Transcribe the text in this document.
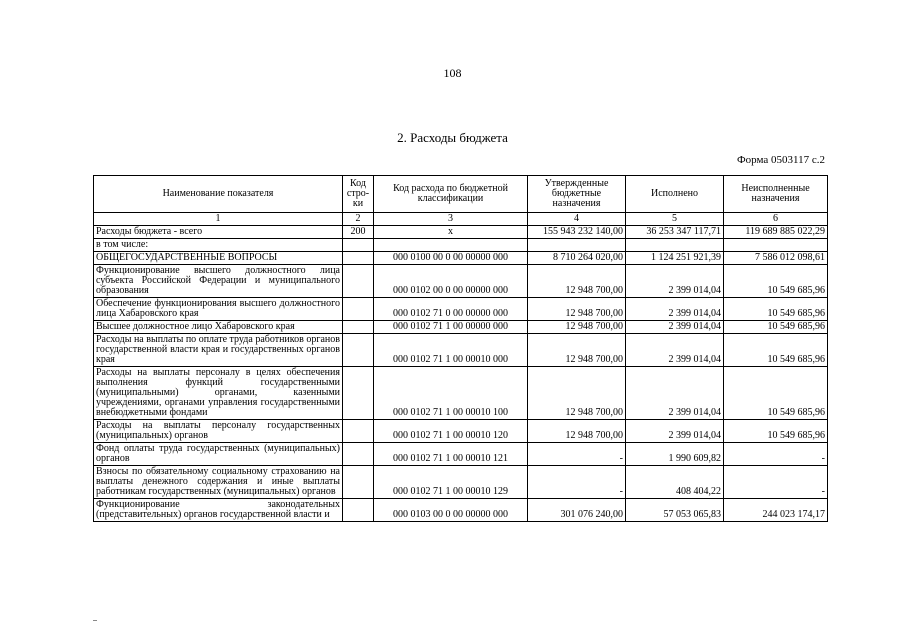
108
2. Расходы бюджета
Форма 0503117 с.2
Наименование показателя	Код стро-ки	Код расхода по бюджетной классификации	Утвержденные бюджетные назначения	Исполнено	Неисполненные назначения
1	2	3	4	5	6
Расходы бюджета - всего	200	x	155 943 232 140,00	36 253 347 117,71	119 689 885 022,29
в том числе:					
ОБЩЕГОСУДАРСТВЕННЫЕ ВОПРОСЫ		000 0100 00 0 00 00000 000	8 710 264 020,00	1 124 251 921,39	7 586 012 098,61
Функционирование высшего должностного лица субъекта Российской Федерации и муниципального образования		000 0102 00 0 00 00000 000	12 948 700,00	2 399 014,04	10 549 685,96
Обеспечение функционирования высшего должностного лица Хабаровского края		000 0102 71 0 00 00000 000	12 948 700,00	2 399 014,04	10 549 685,96
Высшее должностное лицо Хабаровского края		000 0102 71 1 00 00000 000	12 948 700,00	2 399 014,04	10 549 685,96
Расходы на выплаты по оплате труда работников органов государственной власти края и государственных органов края		000 0102 71 1 00 00010 000	12 948 700,00	2 399 014,04	10 549 685,96
Расходы на выплаты персоналу в целях обеспечения выполнения функций государственными (муниципальными) органами, казенными учреждениями, органами управления государственными внебюджетными фондами		000 0102 71 1 00 00010 100	12 948 700,00	2 399 014,04	10 549 685,96
Расходы на выплаты персоналу государственных (муниципальных) органов		000 0102 71 1 00 00010 120	12 948 700,00	2 399 014,04	10 549 685,96
Фонд оплаты труда государственных (муниципальных) органов		000 0102 71 1 00 00010 121	-	1 990 609,82	-
Взносы по обязательному социальному страхованию на выплаты денежного содержания и иные выплаты работникам государственных (муниципальных) органов		000 0102 71 1 00 00010 129	-	408 404,22	-
Функционирование законодательных (представительных) органов государственной власти и		000 0103 00 0 00 00000 000	301 076 240,00	57 053 065,83	244 023 174,17
